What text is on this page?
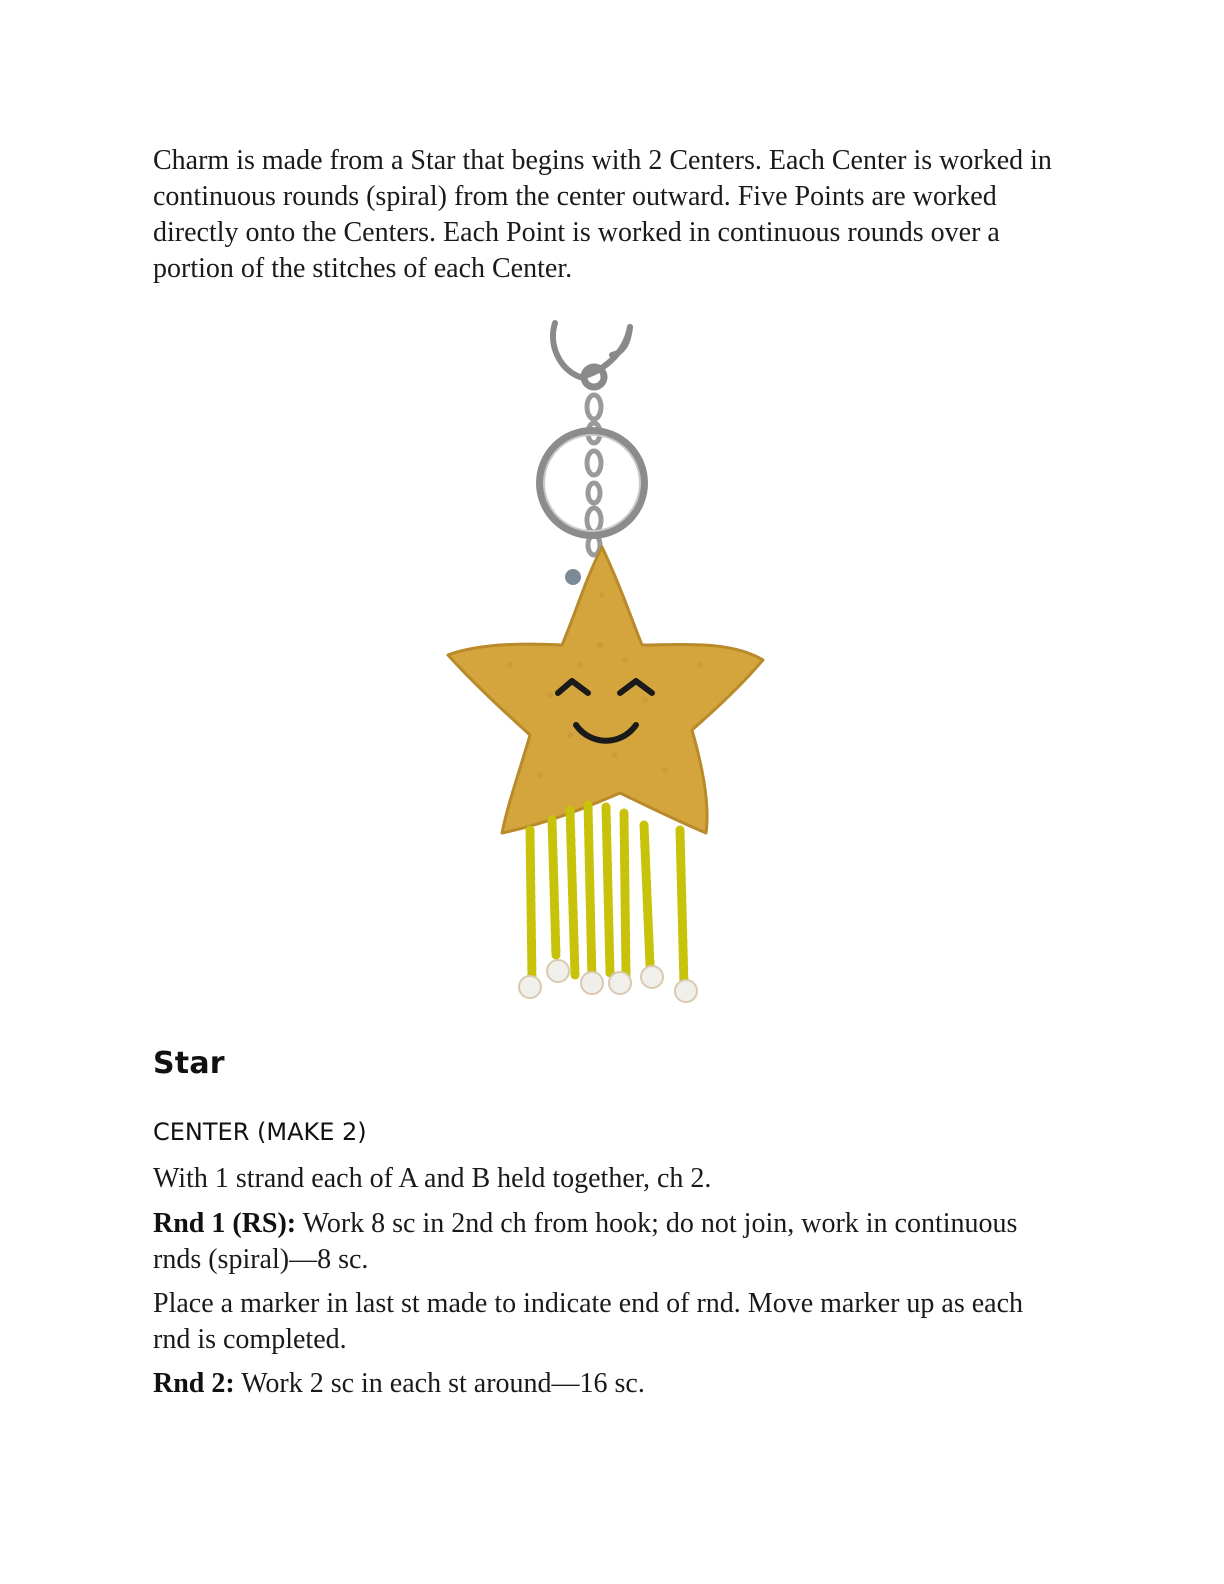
Charm is made from a Star that begins with 2 Centers. Each Center is worked in continuous rounds (spiral) from the center outward. Five Points are worked directly onto the Centers. Each Point is worked in continuous rounds over a portion of the stitches of each Center.

Star
CENTER (MAKE 2)
With 1 strand each of A and B held together, ch 2.
Rnd 1 (RS): Work 8 sc in 2nd ch from hook; do not join, work in continuous rnds (spiral)—8 sc.
Place a marker in last st made to indicate end of rnd. Move marker up as each rnd is completed.
Rnd 2: Work 2 sc in each st around—16 sc.
